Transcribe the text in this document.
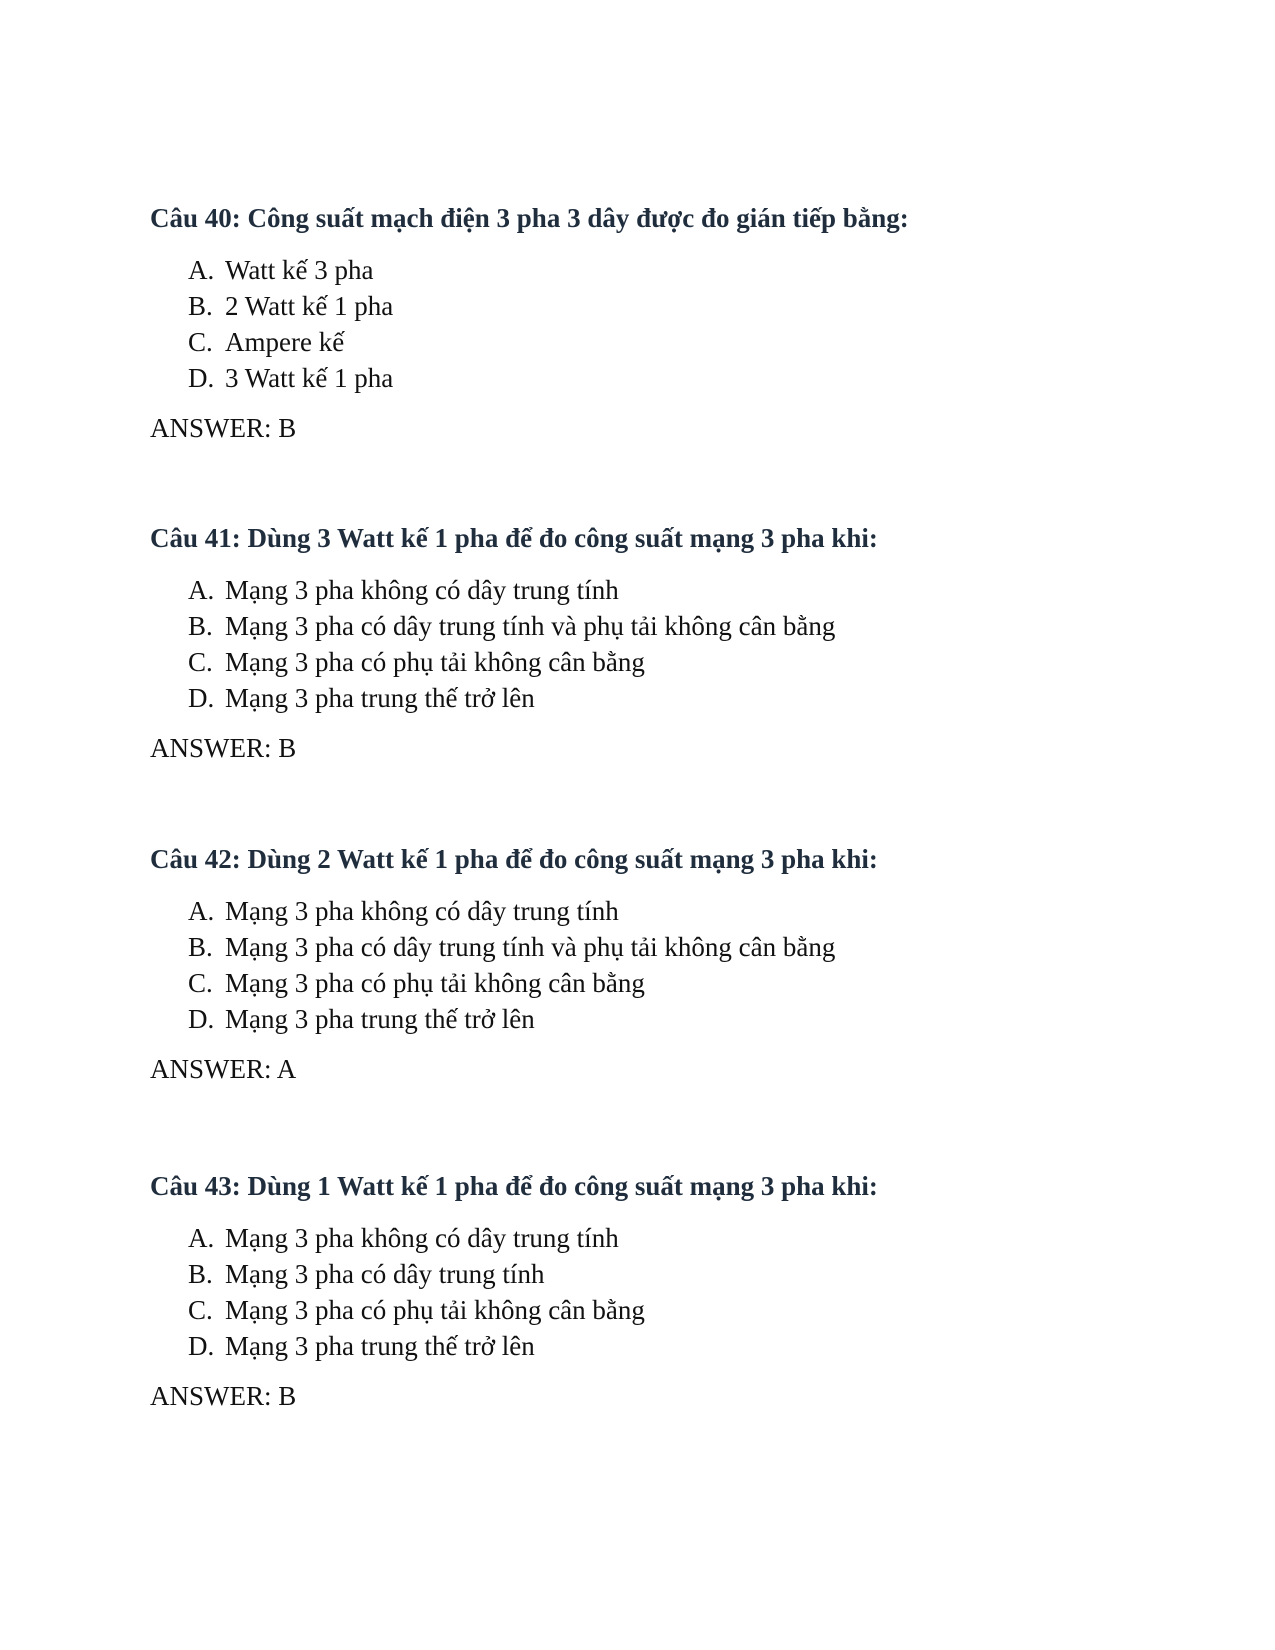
Câu 40: Công suất mạch điện 3 pha 3 dây được đo gián tiếp bằng:

A. Watt kế 3 pha
B. 2 Watt kế 1 pha
C. Ampere kế
D. 3 Watt kế 1 pha
ANSWER: B

Câu 41: Dùng 3 Watt kế 1 pha để đo công suất mạng 3 pha khi:

A. Mạng 3 pha không có dây trung tính
B. Mạng 3 pha có dây trung tính và phụ tải không cân bằng
C. Mạng 3 pha có phụ tải không cân bằng
D. Mạng 3 pha trung thế trở lên
ANSWER: B

Câu 42: Dùng 2 Watt kế 1 pha để đo công suất mạng 3 pha khi:

A. Mạng 3 pha không có dây trung tính
B. Mạng 3 pha có dây trung tính và phụ tải không cân bằng
C. Mạng 3 pha có phụ tải không cân bằng
D. Mạng 3 pha trung thế trở lên
ANSWER: A

Câu 43: Dùng 1 Watt kế 1 pha để đo công suất mạng 3 pha khi:

A. Mạng 3 pha không có dây trung tính
B. Mạng 3 pha có dây trung tính
C. Mạng 3 pha có phụ tải không cân bằng
D. Mạng 3 pha trung thế trở lên
ANSWER: B
